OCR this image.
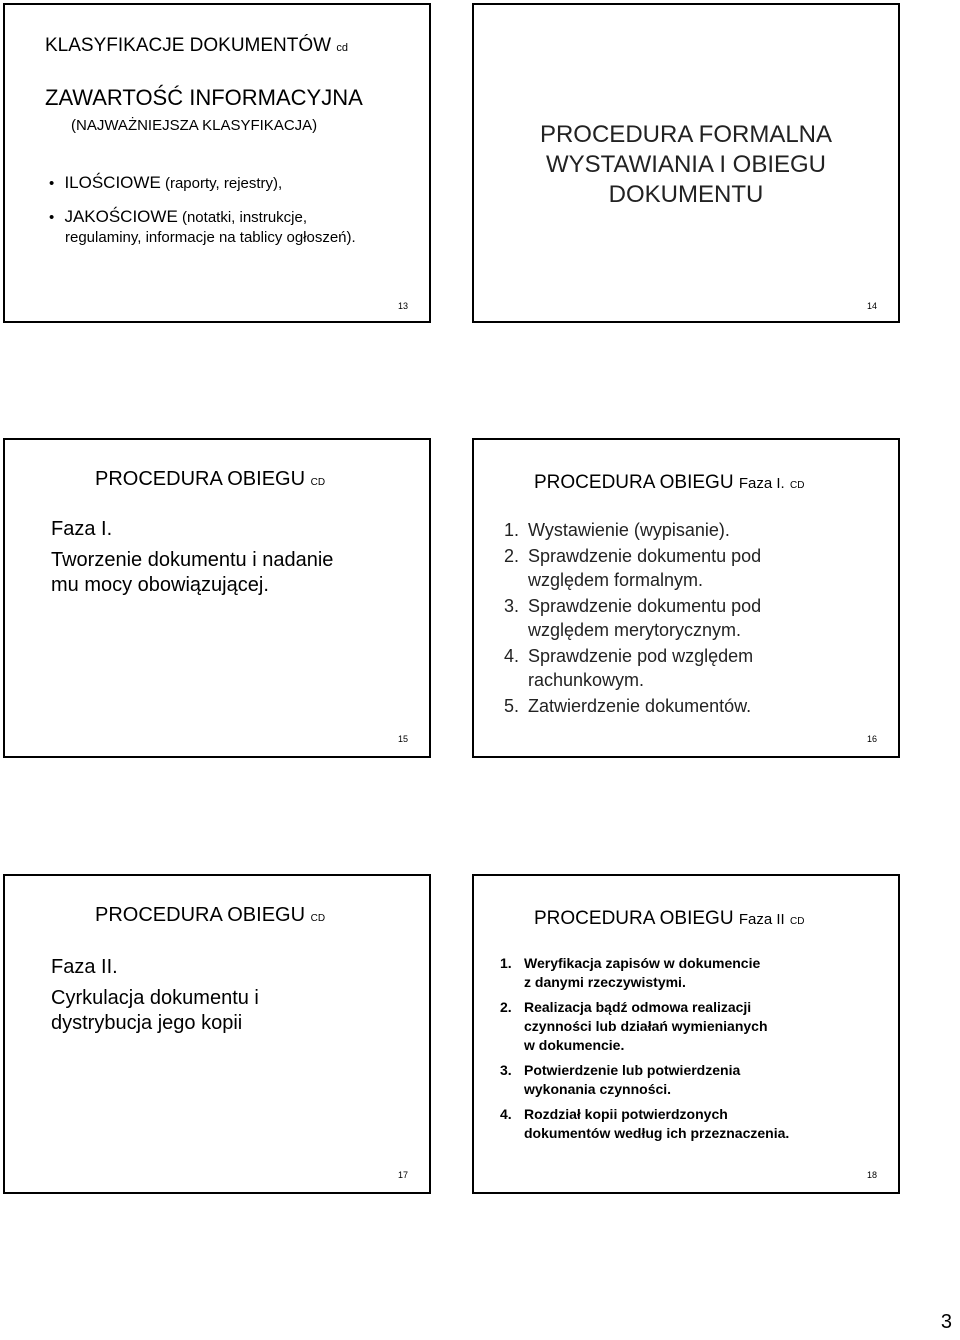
KLASYFIKACJE DOKUMENTÓW cd
ZAWARTOŚĆ INFORMACYJNA
(NAJWAŻNIEJSZA KLASYFIKACJA)
• ILOŚCIOWE (raporty, rejestry),
• JAKOŚCIOWE (notatki, instrukcje,
regulaminy, informacje na tablicy ogłoszeń).
13
PROCEDURA FORMALNA
WYSTAWIANIA I OBIEGU
DOKUMENTU
14
PROCEDURA OBIEGU CD
Faza I.
Tworzenie dokumentu i nadanie
mu mocy obowiązującej.
15
PROCEDURA OBIEGU Faza I. CD
1. Wystawienie (wypisanie).
2. Sprawdzenie dokumentu pod
względem formalnym.
3. Sprawdzenie dokumentu pod
względem merytorycznym.
4. Sprawdzenie pod względem
rachunkowym.
5. Zatwierdzenie dokumentów.
16
PROCEDURA OBIEGU CD
Faza II.
Cyrkulacja dokumentu i
dystrybucja jego kopii
17
PROCEDURA OBIEGU Faza II CD
1. Weryfikacja zapisów w dokumencie
z danymi rzeczywistymi.
2. Realizacja bądź odmowa realizacji
czynności lub działań wymienianych
w dokumencie.
3. Potwierdzenie lub potwierdzenia
wykonania czynności.
4. Rozdział kopii potwierdzonych
dokumentów według ich przeznaczenia.
18
3
